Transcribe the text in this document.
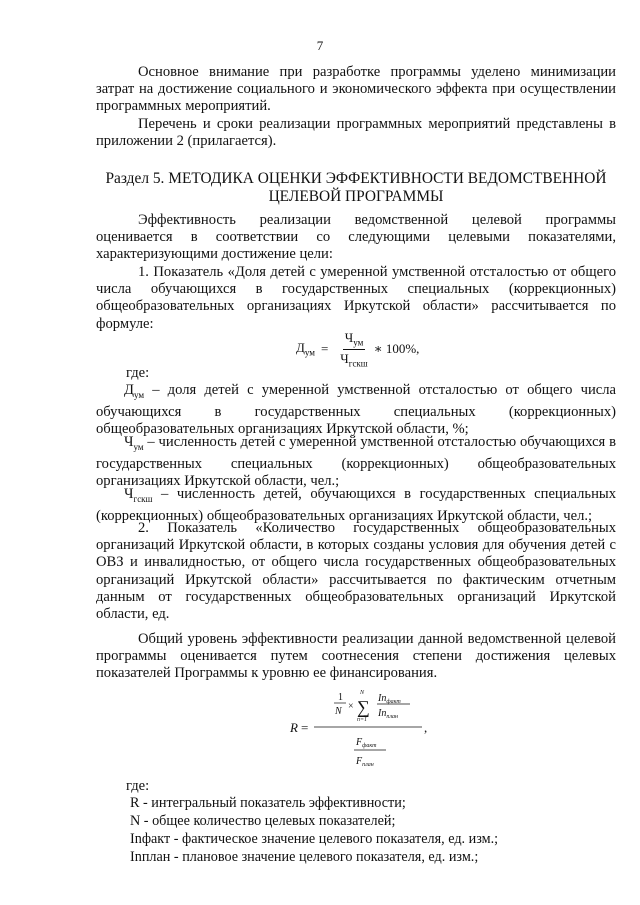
7

Основное внимание при разработке программы уделено минимизации затрат на достижение социального и экономического эффекта при осуществлении программных мероприятий.

Перечень и сроки реализации программных мероприятий представлены в приложении 2 (прилагается).

Раздел 5. МЕТОДИКА ОЦЕНКИ ЭФФЕКТИВНОСТИ ВЕДОМСТВЕННОЙ ЦЕЛЕВОЙ ПРОГРАММЫ

Эффективность реализации ведомственной целевой программы оценивается в соответствии со следующими целевыми показателями, характеризующими достижение цели:

1. Показатель «Доля детей с умеренной умственной отсталостью от общего числа обучающихся в государственных специальных (коррекционных) общеобразовательных организациях Иркутской области» рассчитывается по формуле:

$Д_{ум} = \frac{Ч_{ум}}{Ч_{гскш}}$ ∗ 100%,

где:

$Д_{ум}$ – доля детей с умеренной умственной отсталостью от общего числа обучающихся в государственных специальных (коррекционных) общеобразовательных организациях Иркутской области, %;

$Ч_{ум}$ – численность детей с умеренной умственной отсталостью обучающихся в государственных специальных (коррекционных) общеобразовательных организациях Иркутской области, чел.;

$Ч_{гскш}$ – численность детей, обучающихся в государственных специальных (коррекционных) общеобразовательных организациях Иркутской области, чел.;

2. Показатель «Количество государственных общеобразовательных организаций Иркутской области, в которых созданы условия для обучения детей с ОВЗ и инвалидностью, от общего числа государственных общеобразовательных организаций Иркутской области» рассчитывается по фактическим отчетным данным от государственных общеобразовательных организаций Иркутской области, ед.

Общий уровень эффективности реализации данной ведомственной целевой программы оценивается путем соотнесения степени достижения целевых показателей Программы к уровню ее финансирования.

R =
1
N ×
N
∑
n=1
$In_{факт}$
$In_{план}$
$F_{факт}$
$F_{план}$
,

где:

R - интегральный показатель эффективности;

N - общее количество целевых показателей;

Inфакт - фактическое значение целевого показателя, ед. изм.;

Inплан - плановое значение целевого показателя, ед. изм.;
